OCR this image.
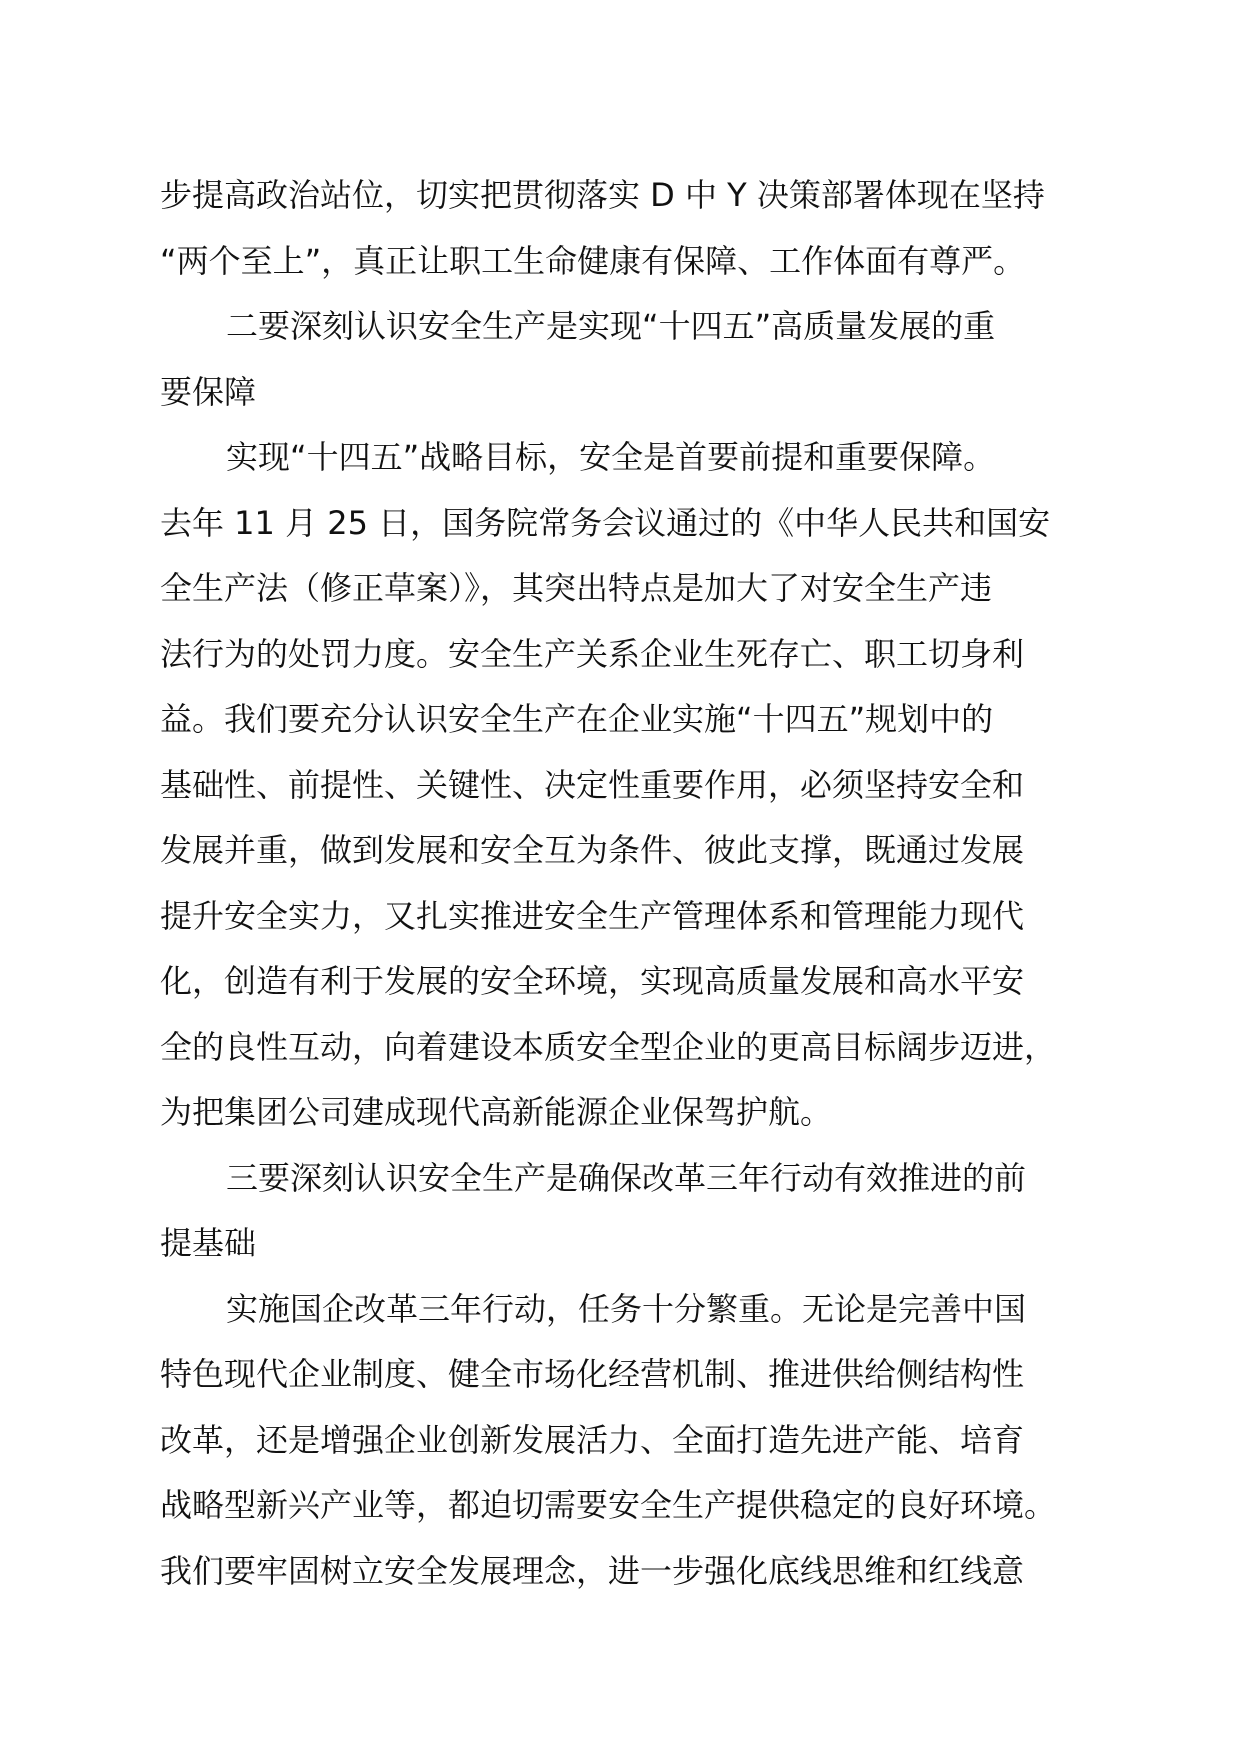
步提高政治站位，切实把贯彻落实 D 中 Y 决策部署体现在坚持
“两个至上”，真正让职工生命健康有保障、工作体面有尊严。
二要深刻认识安全生产是实现“十四五”高质量发展的重
要保障
实现“十四五”战略目标，安全是首要前提和重要保障。
去年 11 月 25 日，国务院常务会议通过的《中华人民共和国安
全生产法（修正草案）》，其突出特点是加大了对安全生产违
法行为的处罚力度。安全生产关系企业生死存亡、职工切身利
益。我们要充分认识安全生产在企业实施“十四五”规划中的
基础性、前提性、关键性、决定性重要作用，必须坚持安全和
发展并重，做到发展和安全互为条件、彼此支撑，既通过发展
提升安全实力，又扎实推进安全生产管理体系和管理能力现代
化，创造有利于发展的安全环境，实现高质量发展和高水平安
全的良性互动，向着建设本质安全型企业的更高目标阔步迈进，
为把集团公司建成现代高新能源企业保驾护航。
三要深刻认识安全生产是确保改革三年行动有效推进的前
提基础
实施国企改革三年行动，任务十分繁重。无论是完善中国
特色现代企业制度、健全市场化经营机制、推进供给侧结构性
改革，还是增强企业创新发展活力、全面打造先进产能、培育
战略型新兴产业等，都迫切需要安全生产提供稳定的良好环境。
我们要牢固树立安全发展理念，进一步强化底线思维和红线意
